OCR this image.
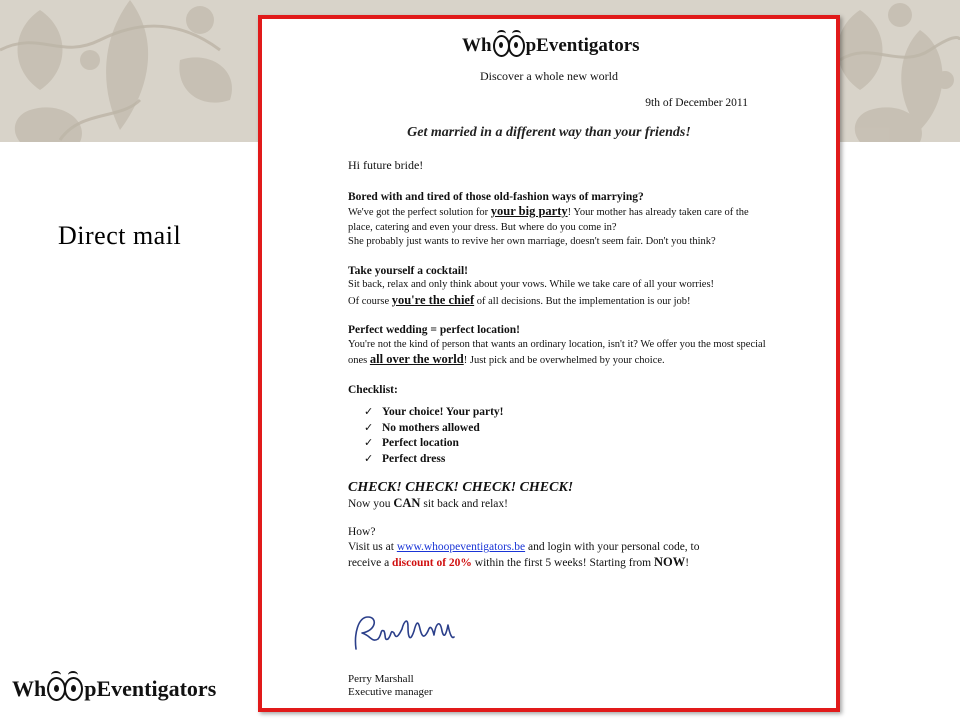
Direct mail
Wh pEventigators
Wh pEventigators
Discover a whole new world
9th of December 2011
Get married in a different way than your friends!

Hi future bride!

Bored with and tired of those old-fashion ways of marrying?

We've got the perfect solution for your big party! Your mother has already taken care of the place, catering and even your dress. But where do you come in?
She probably just wants to revive her own marriage, doesn't seem fair. Don't you think?

Take yourself a cocktail!

Sit back, relax and only think about your vows. While we take care of all your worries!
Of course you're the chief of all decisions. But the implementation is our job!

Perfect wedding = perfect location!

You're not the kind of person that wants an ordinary location, isn't it? We offer you the most special ones all over the world! Just pick and be overwhelmed by your choice.

Checklist:

✓ Your choice! Your party!
✓ No mothers allowed
✓ Perfect location
✓ Perfect dress

CHECK! CHECK! CHECK! CHECK!

Now you CAN sit back and relax!

How?

Visit us at www.whoopeventigators.be and login with your personal code, to

receive a discount of 20% within the first 5 weeks! Starting from NOW!

Perry Marshall
Executive manager
